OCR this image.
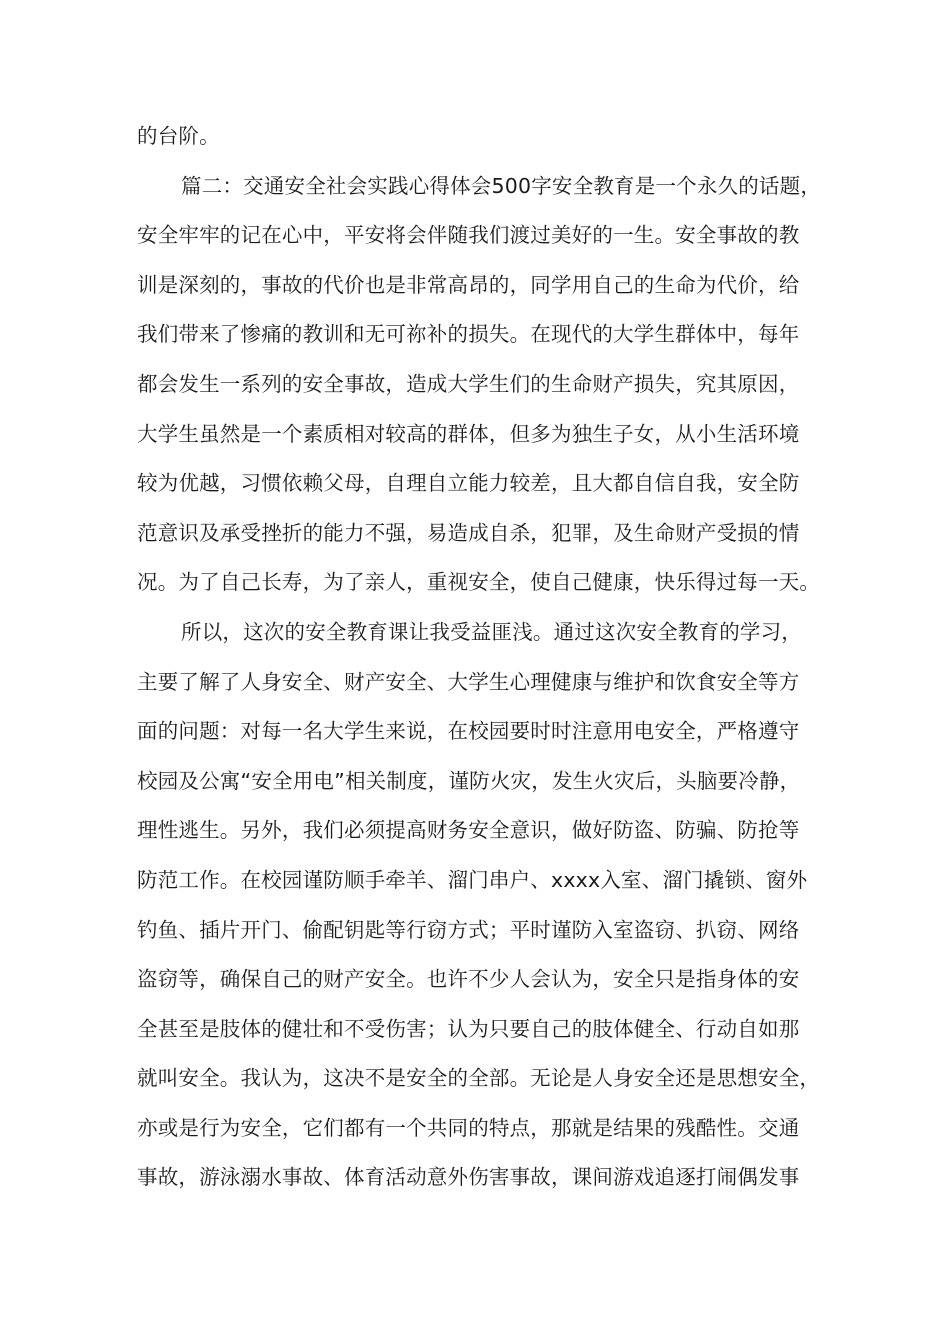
的台阶。
篇二：交通安全社会实践心得体会500字安全教育是一个永久的话题，
安全牢牢的记在心中，平安将会伴随我们渡过美好的一生。安全事故的教
训是深刻的，事故的代价也是非常高昂的，同学用自己的生命为代价，给
我们带来了惨痛的教训和无可祢补的损失。在现代的大学生群体中，每年
都会发生一系列的安全事故，造成大学生们的生命财产损失，究其原因，
大学生虽然是一个素质相对较高的群体，但多为独生子女，从小生活环境
较为优越，习惯依赖父母，自理自立能力较差，且大都自信自我，安全防
范意识及承受挫折的能力不强，易造成自杀，犯罪，及生命财产受损的情
况。为了自己长寿，为了亲人，重视安全，使自己健康，快乐得过每一天。
所以，这次的安全教育课让我受益匪浅。通过这次安全教育的学习，
主要了解了人身安全、财产安全、大学生心理健康与维护和饮食安全等方
面的问题：对每一名大学生来说，在校园要时时注意用电安全，严格遵守
校园及公寓“安全用电”相关制度，谨防火灾，发生火灾后，头脑要冷静，
理性逃生。另外，我们必须提高财务安全意识，做好防盗、防骗、防抢等
防范工作。在校园谨防顺手牵羊、溜门串户、xxxx入室、溜门撬锁、窗外
钓鱼、插片开门、偷配钥匙等行窃方式；平时谨防入室盗窃、扒窃、网络
盗窃等，确保自己的财产安全。也许不少人会认为，安全只是指身体的安
全甚至是肢体的健壮和不受伤害；认为只要自己的肢体健全、行动自如那
就叫安全。我认为，这决不是安全的全部。无论是人身安全还是思想安全，
亦或是行为安全，它们都有一个共同的特点，那就是结果的残酷性。交通
事故，游泳溺水事故、体育活动意外伤害事故，课间游戏追逐打闹偶发事
